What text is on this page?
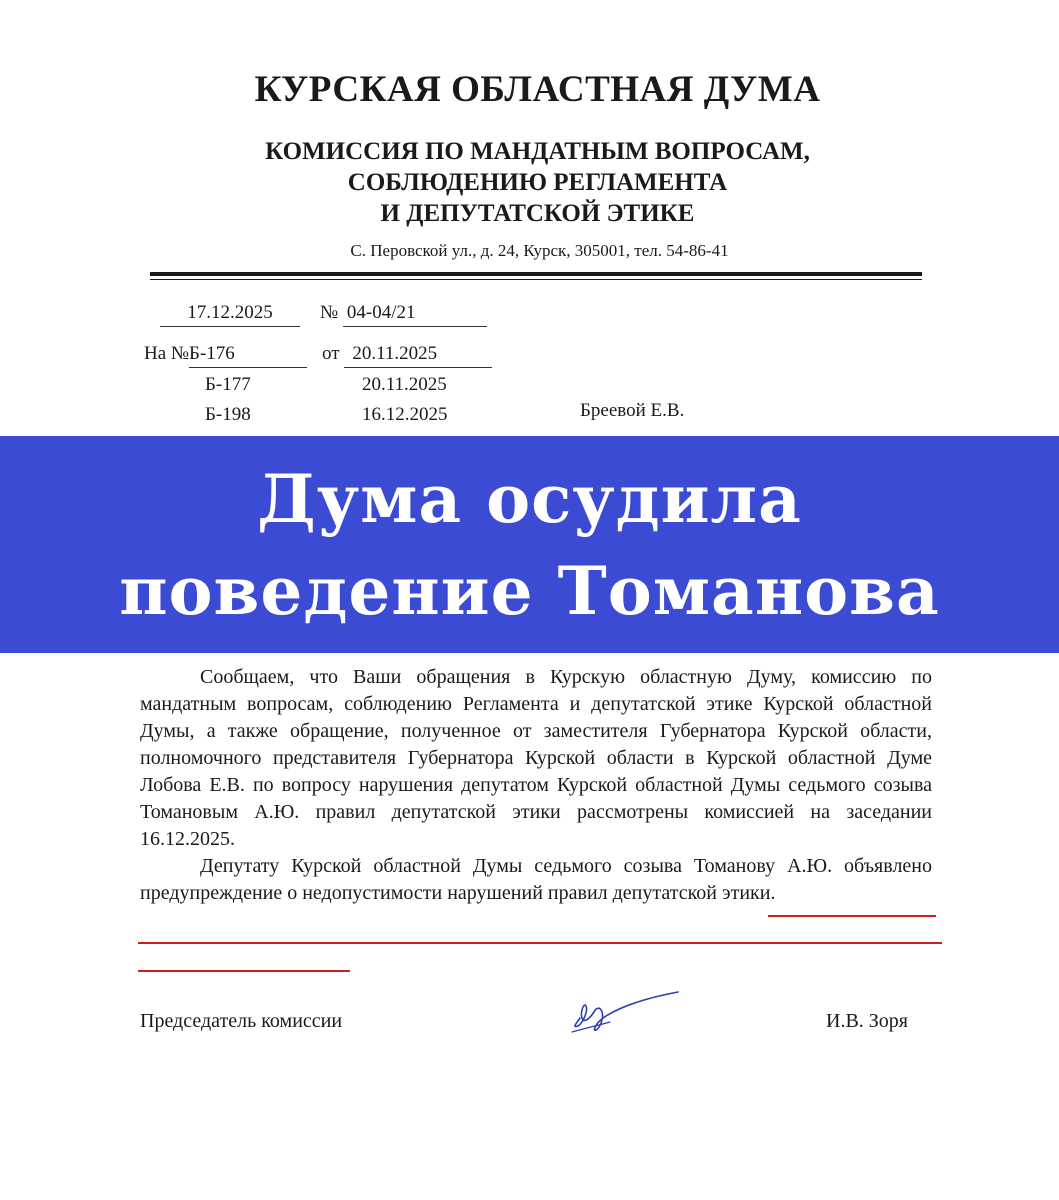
КУРСКАЯ ОБЛАСТНАЯ ДУМА
КОМИССИЯ ПО МАНДАТНЫМ ВОПРОСАМ,
СОБЛЮДЕНИЮ РЕГЛАМЕНТА
И ДЕПУТАТСКОЙ ЭТИКЕ
С. Перовской ул., д. 24, Курск, 305001, тел. 54-86-41
17.12.2025	№ 04-04/21
На №Б-176	от 20.11.2025
Б-177	20.11.2025
Б-198	16.12.2025	Бреевой Е.В.
Дума осудила
поведение Томанова

Сообщаем, что Ваши обращения в Курскую областную Думу, комиссию по мандатным вопросам, соблюдению Регламента и депутатской этике Курской областной Думы, а также обращение, полученное от заместителя Губернатора Курской области, полномочного представителя Губернатора Курской области в Курской областной Думе Лобова Е.В. по вопросу нарушения депутатом Курской областной Думы седьмого созыва Томановым А.Ю. правил депутатской этики рассмотрены комиссией на заседании 16.12.2025.

Депутату Курской областной Думы седьмого созыва Томанову А.Ю. объявлено предупреждение о недопустимости нарушений правил депутатской этики.

Председатель комиссии	И.В. Зоря
